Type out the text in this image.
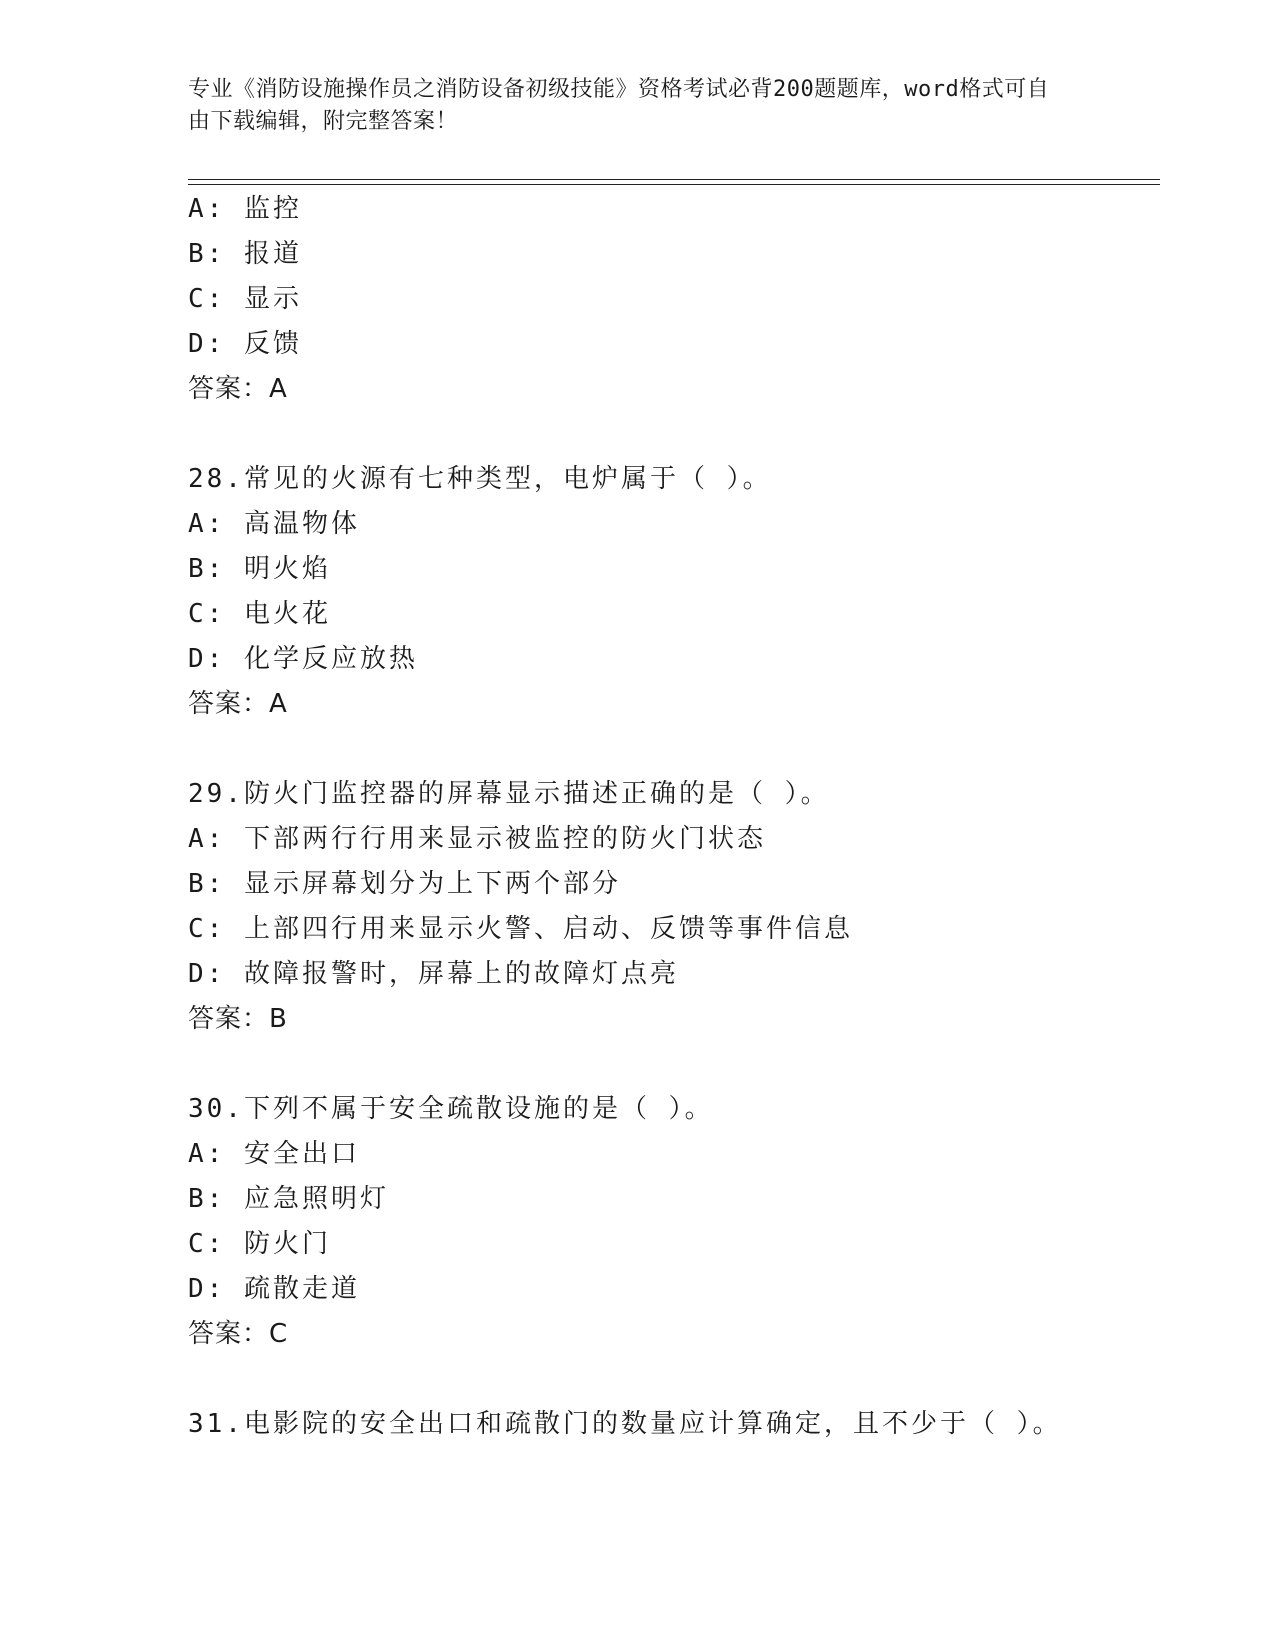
专业《消防设施操作员之消防设备初级技能》资格考试必背200题题库，word格式可自由下载编辑，附完整答案！
A: 监控
B: 报道
C: 显示
D: 反馈
答案：A
28.常见的火源有七种类型，电炉属于（ ）。
A: 高温物体
B: 明火焰
C: 电火花
D: 化学反应放热
答案：A
29.防火门监控器的屏幕显示描述正确的是（ ）。
A: 下部两行行用来显示被监控的防火门状态
B: 显示屏幕划分为上下两个部分
C: 上部四行用来显示火警、启动、反馈等事件信息
D: 故障报警时，屏幕上的故障灯点亮
答案：B
30.下列不属于安全疏散设施的是（ ）。
A: 安全出口
B: 应急照明灯
C: 防火门
D: 疏散走道
答案：C
31.电影院的安全出口和疏散门的数量应计算确定，且不少于（ ）。
